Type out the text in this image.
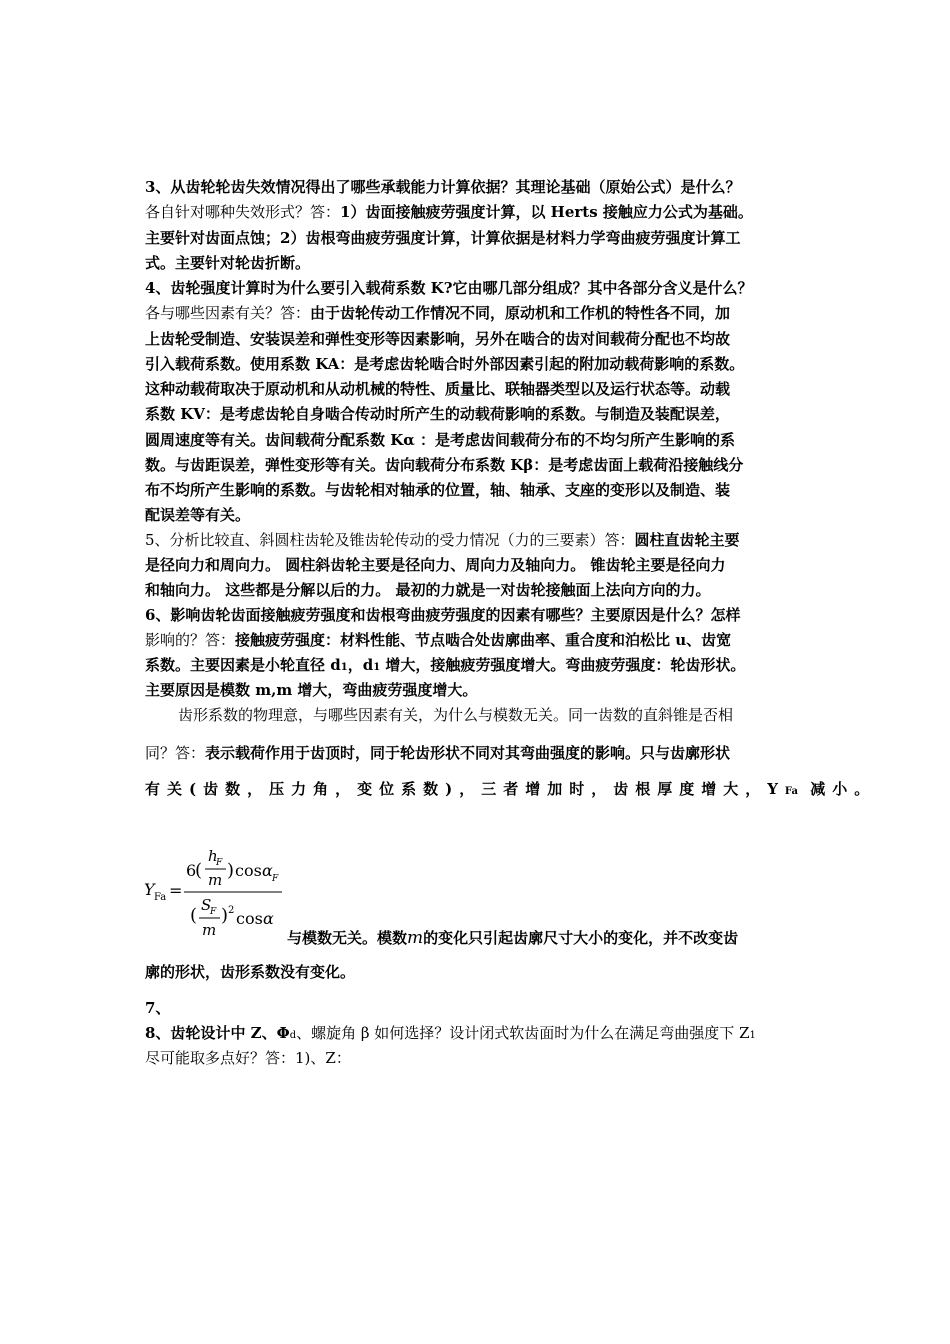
3、从齿轮轮齿失效情况得出了哪些承载能力计算依据？其理论基础（原始公式）是什么？
各自针对哪种失效形式？答：1）齿面接触疲劳强度计算，以 Herts 接触应力公式为基础。
主要针对齿面点蚀；2）齿根弯曲疲劳强度计算，计算依据是材料力学弯曲疲劳强度计算工
式。主要针对轮齿折断。
4、齿轮强度计算时为什么要引入载荷系数 K?它由哪几部分组成？其中各部分含义是什么？
各与哪些因素有关？答：由于齿轮传动工作情况不同，原动机和工作机的特性各不同，加
上齿轮受制造、安装误差和弹性变形等因素影响，另外在啮合的齿对间载荷分配也不均故
引入载荷系数。使用系数 KA：是考虑齿轮啮合时外部因素引起的附加动载荷影响的系数。
这种动载荷取决于原动机和从动机械的特性、质量比、联轴器类型以及运行状态等。动载
系数 KV：是考虑齿轮自身啮合传动时所产生的动载荷影响的系数。与制造及装配误差，
圆周速度等有关。齿间载荷分配系数 Kα ：是考虑齿间载荷分布的不均匀所产生影响的系
数。与齿距误差，弹性变形等有关。齿向载荷分布系数 Kβ：是考虑齿面上载荷沿接触线分
布不均所产生影响的系数。与齿轮相对轴承的位置，轴、轴承、支座的变形以及制造、装
配误差等有关。
5、分析比较直、斜圆柱齿轮及锥齿轮传动的受力情况（力的三要素）答：圆柱直齿轮主要
是径向力和周向力。 圆柱斜齿轮主要是径向力、周向力及轴向力。 锥齿轮主要是径向力
和轴向力。 这些都是分解以后的力。 最初的力就是一对齿轮接触面上法向方向的力。
6、影响齿轮齿面接触疲劳强度和齿根弯曲疲劳强度的因素有哪些？主要原因是什么？怎样
影响的？答：接触疲劳强度：材料性能、节点啮合处齿廓曲率、重合度和泊松比 u、齿宽
系数。主要因素是小轮直径 d1，d1 增大，接触疲劳强度增大。弯曲疲劳强度：轮齿形状。
主要原因是模数 m,m 增大，弯曲疲劳强度增大。
齿形系数的物理意，与哪些因素有关，为什么与模数无关。同一齿数的直斜锥是否相
同？答：表示载荷作用于齿顶时，同于轮齿形状不同对其弯曲强度的影响。只与齿廓形状
有关(齿数，压力角，变位系数)，三者增加时，齿根厚度增大，YFa 减小。
Y Fa =
6
(
h
F
m ) cos α F
( S
F
m
) 2 cos α
与模数无关。模数m的变化只引起齿廓尺寸大小的变化，并不改变齿
廓的形状，齿形系数没有变化。
7、
8、齿轮设计中 Z、Φd、螺旋角 β 如何选择？设计闭式软齿面时为什么在满足弯曲强度下 Z1
尽可能取多点好？答：1)、Z：
